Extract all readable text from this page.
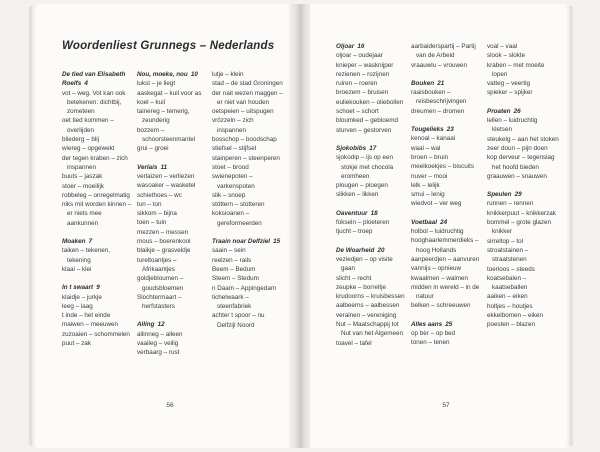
Woordenliest Grunnegs – Nederlands
De tied van Elisabeth Roelfs 4
vot – weg. Vot kan ook betekenen: dichtbij, zometeen
oet tied kommen – overlijden
bliederg – blij
wiereg – opgewekt
der tegen kraben – zich inspannen
buuts – jaszak
stoer – moeilijk
robbeleg – onregelmatig
niks mit worden kinnen – er niets mee aankunnen
Moaken 7
taiken – tekenen, tekening
klaai – klei
In t swaart 9
klaidje – jurkje
leeg – laag
t inde – het einde
maiwen – meeuwen
zuzoaien – schommelen
puut – zak
Nou, moeke, nou 10
lukst – je liegt
aaskegat – kuil voor as
koel – kuil
tainereg – temerig, zeunderig
bozzem – schoorsteenmantel
grui – groei
Verlais 11
verlaizen – verliezen
wasoaker – wasketel
schiethoes – wc
tun – ton
sikkom – bijna
toen – tuin
mezzen – messen
mous – boerenkool
blaikje – grasveldje
tureltoantjes – Afrikaantjes
goldjebloumen – goudsbloemen
Slochtermaart – herfstasters
Alling 12
allinneg – alleen
vaaileg – veilig
verbaarg – rust
lutje – klein
stad – de stad Groningen
der nait wezen maggen – er niet van houden
oetspeien – uitspugen
vrözzeln – zich inspannen
bosschop – boodschap
stiefsel – stijfsel
stainperen – steenperen
stoet – brood
swienepoten – varkenspoten
slik – snoep
stöttern – stotteren
koksioanen – gereformeerden
Traain noar Delfziel 15
saain – sein
reelzen – rails
Beem – Bedum
Steem – Stedum
n Daam – Appingedam
tichelwaark – steenfabriek
achter t spoor – nu Delfzijl Noord
56
Oljoar 16
oljoar – oudejaar
knieper – wasknijper
rezienen – rozijnen
ruiren – roeren
broezem – bruisen
euliekouken – oliebollen
schoet – schort
bloumked – gebloemd
sturven – gestorven
Sjokobibs 17
sjokodip – ijs op een stokje met chocola eromheen
plougen – ploegen
slikken – likken
Oaventuur 18
fokseln – ploeteren
tjucht – troep
De Woarheid 20
veziedjen – op visite gaan
slicht – recht
zeupke – borreltje
krudoorns – kruisbessen
aalbeerns – aalbessen
verainen – vereniging
Nut – Maatschappij tot Nut van het Algemeen
toavel – tafel
aarbaiderspartij – Partij van de Arbeid
vraauwlu – vrouwen
Bouken 21
raaisbouken – reisbeschrijvingen
dreumen – dromen
Tougelieks 23
kenoal – kanaal
waal – wal
broen – bruin
meelkoekjes – biscuits
nuver – mooi
lelk – lelijk
smui – lenig
wiedvot – ver weg
Voetbaal 24
holbol – luidruchtig
hooghaarlemmerdieks – hoog Hollands
aanpeerdjen – aanvuren
vannijs – opnieuw
kwaalmen – walmen
midden in wereld – in de natuur
belken – schreeuwen
Alles aans 25
op bèr – op bed
tonen – tenen
voal – vaal
slook – slokte
kraben – met moeite lopen
vatteg – veertig
spieker – spijker
Proaten 26
lellen – luidruchtig kletsen
steukelg – aan het stoken
zeer doun – pijn doen
kop derveur – tegenslag het hoofd bieden
graauwen – snauwen
Speulen 29
runnen – rennen
knikkerpuut – knikkerzak
bommel – grote glazen knikker
sirreltop – tol
stroatstainen – straatstenen
toerloos – steeds
koatsebalen – kaatseballen
aaiken – eiken
holtjes – houtjes
ekkelbomen – eiken
poesten – blazen
57
